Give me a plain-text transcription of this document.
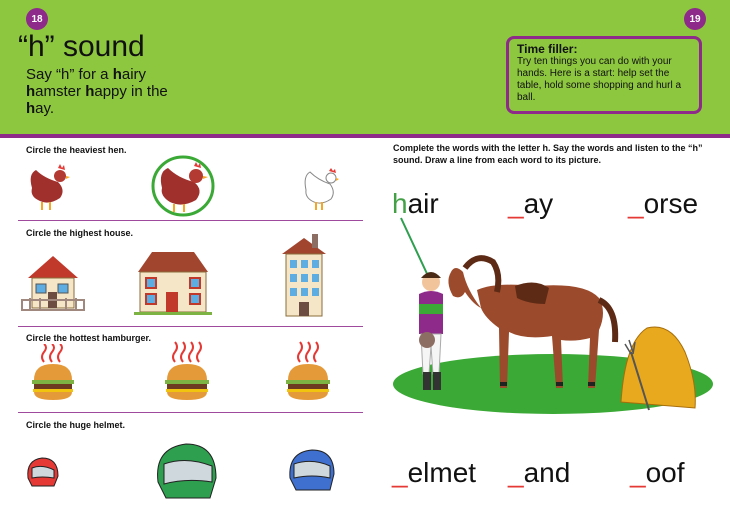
18	19
“h” sound
Say “h” for a hairy hamster happy in the hay.
Time filler:
Try ten things you can do with your hands. Here is a start: help set the table, hold some shopping and hurl a ball.
Circle the heaviest hen.
Circle the highest house.
Circle the hottest hamburger.
Circle the huge helmet.
Complete the words with the letter h. Say the words and listen to the “h” sound. Draw a line from each word to its picture.
hair _ay	_orse
_elmet _and _oof
